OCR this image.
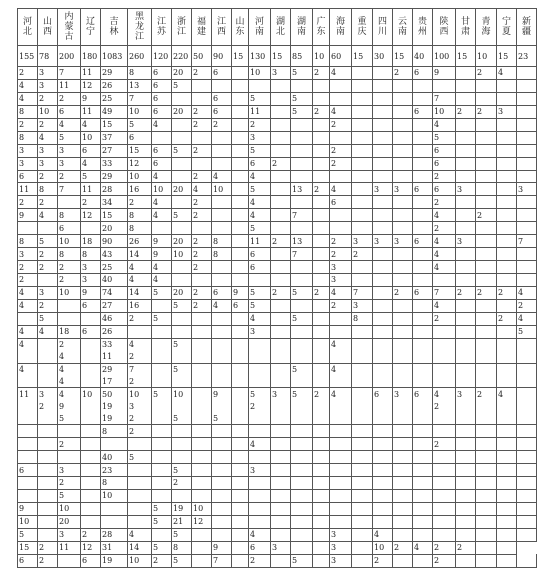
河北	山西	内蒙古	辽宁	吉林	黑龙江	江苏	浙江	福建	江西	山东	河南	湖北	湖南	广东	海南	重庆	四川	云南	贵州	陕西	甘肃	青海	宁夏	新疆
155	78	200	180	1083	260	120	220	50	90	15	130	15	85	10	60	15	30	15	40	100	15	10	15	23
2	3	7	11	29	8	6	20	2	6		10	3	5	2	4			2	6	9		2	4	
4	3	11	12	26	13	6	5																	
4	2	2	9	25	7	6			6		5		5							7				
8	10	6	11	49	10	6	20	2	6		11		5	2	4				6	10	2	2	3	
2	2	4	4	15	5	4		2	2		2				2					4				
8	4	5	10	37	6						3									5				
3	3	3	6	27	15	6	5	2			5				2					6				
3	3	3	4	33	12	6					6	2			2					6				
6	2	2	5	29	10	4		2	4		4									2				
11	8	7	11	28	16	10	20	4	10		5		13	2	4		3	3	6	6	3			3
2	2		2	34	2	4		2			4				6					2				
9	4	8	12	15	8	4	5	2			4		7							4		2		
		6		20	8						5									2				
8	5	10	18	90	26	9	20	2	8		11	2	13		2	3	3	3	6	4	3			7
3	2	8	8	43	14	9	10	2	8		6		7		2	2				4				
2	2	2	3	25	4	4		2			6				3					4				
2		2	3	40	4	4									3									
4	3	10	9	74	14	5	20	2	6	9	5	2	5	2	4	7		2	6	7	2	2	2	4
4	2		6	27	16		5	2	4	6	5				2	3				4				2
	5			46	2	5					4		5			8				2			2	4
4	4	18	6	26							3													5
4		2		33	4		5								4									
		4		11	2																			
4		4		29	7		5						5		4									
		4		17	2																			
11	3	4	10	50	10	5	10		9		5	3	5	2	4		6	3	6	4	3	2	4	
	2	9		19	3						2									2				
		5		19	2		5		5															
				8	2																			
		2									4									2				
				40	5																			
6		3		23			5				3													
		2		8			2																	
		5		10																				
9		10				5	19	10																
10		20				5	21	12																
5		3	2	28	4		5				4				3		4							
15	2	11	12	31	14	5	8		9		6	3			3		10	2	4	2	2			
6	2		6	19	10	2	5		7		2		5		3		2			2				
